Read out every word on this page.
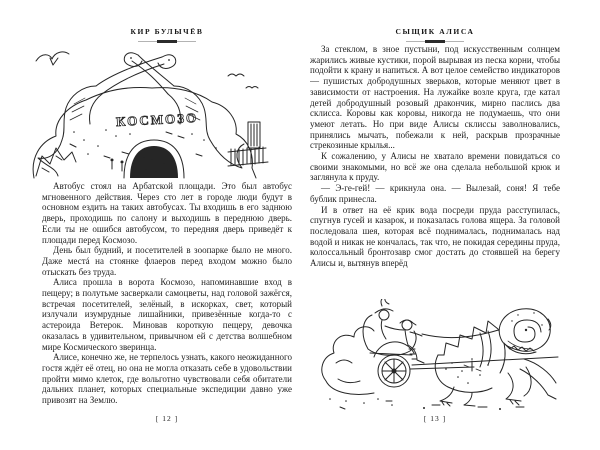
КИР БУЛЫЧЁВ
КОСМОЗО

Автобус стоял на Арбатской площади. Это был автобус мгновенного действия. Через сто лет в городе люди будут в основном ездить на таких автобусах. Ты входишь в его заднюю дверь, проходишь по салону и выходишь в переднюю дверь. Если ты не ошибся автобусом, то передняя дверь приведёт к площади перед Космозо.

День был будний, и посетителей в зоопарке было не много. Даже местá на стоянке флаеров перед входом можно было отыскать без труда.

Алиса прошла в ворота Космозо, напоминавшие вход в пещеру; в полутьме засверкали самоцветы, над головой зажёгся, встречая посетителей, зелёный, в искорках, свет, который излучали изумрудные лишайники, привезённые когда-то с астероида Ветерок. Миновав короткую пещеру, девочка оказалась в удивительном, привычном ей с детства волшебном мире Космического зверинца.

Алисе, конечно же, не терпелось узнать, какого неожиданного гостя ждёт её отец, но она не могла отказать себе в удовольствии пройти мимо клеток, где вольготно чувствовали себя обитатели дальних планет, которых специальные экспедиции давно уже привозят на Землю.

[ 12 ]
СЫЩИК АЛИСА

За стеклом, в зное пустыни, под искусственным солнцем жарились живые кустики, порой вырывая из песка корни, чтобы подойти к крану и напиться. А вот целое семейство индикаторов — пушистых добродушных зверьков, которые меняют цвет в зависимости от настроения. На лужайке возле круга, где катал детей добродушный розовый дракончик, мирно паслись два склисса. Коровы как коровы, никогда не подумаешь, что они умеют летать. Но при виде Алисы склиссы заволновались, принялись мычать, побежали к ней, раскрыв прозрачные стрекозиные крылья...

К сожалению, у Алисы не хватало времени повидаться со своими знакомыми, но всё же она сделала небольшой крюк и заглянула к пруду.

— Э-ге-гей! — крикнула она. — Вылезай, соня! Я тебе бублик принесла.

И в ответ на её крик вода посреди пруда расступилась, спугнув гусей и казарок, и показалась голова ящера. За головой последовала шея, которая всё поднималась, поднималась над водой и никак не кончалась, так что, не покидая середины пруда, колоссальный бронтозавр смог достать до стоявшей на берегу Алисы и, вытянув вперёд

[ 13 ]
